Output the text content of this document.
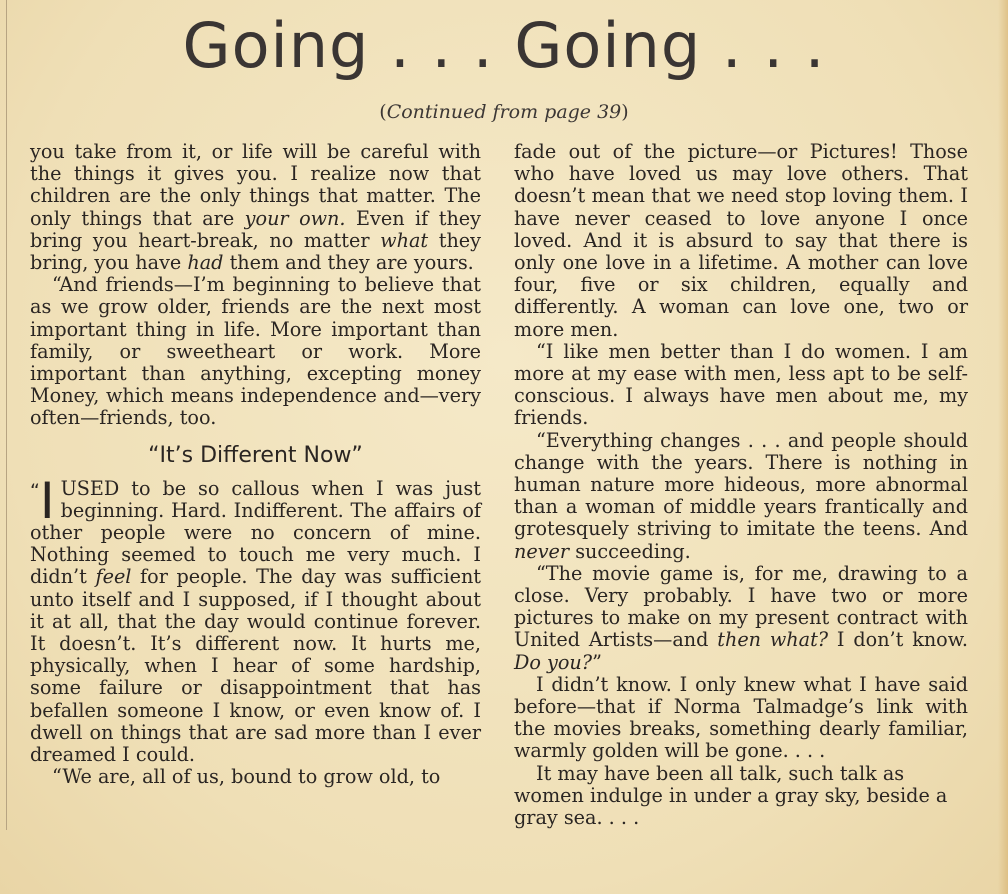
Going . . . Going . . .
(Continued from page 39)

you take from it, or life will be careful with the things it gives you. I realize now that children are the only things that matter. The only things that are your own. Even if they bring you heart-break, no matter what they bring, you have had them and they are yours.

“And friends—I’m beginning to believe that as we grow older, friends are the next most important thing in life. More important than family, or sweetheart or work. More important than anything, excepting money Money, which means independence and—very often—friends, too.

“It’s Different Now”

“I USED to be so callous when I was just beginning. Hard. Indifferent. The affairs of other people were no concern of mine. Nothing seemed to touch me very much. I didn’t feel for people. The day was sufficient unto itself and I supposed, if I thought about it at all, that the day would continue forever. It doesn’t. It’s different now. It hurts me, physically, when I hear of some hardship, some failure or disappointment that has befallen someone I know, or even know of. I dwell on things that are sad more than I ever dreamed I could.

“We are, all of us, bound to grow old, to

fade out of the picture—or Pictures! Those who have loved us may love others. That doesn’t mean that we need stop loving them. I have never ceased to love anyone I once loved. And it is absurd to say that there is only one love in a lifetime. A mother can love four, five or six children, equally and differently. A woman can love one, two or more men.

“I like men better than I do women. I am more at my ease with men, less apt to be self-conscious. I always have men about me, my friends.

“Everything changes . . . and people should change with the years. There is nothing in human nature more hideous, more abnormal than a woman of middle years frantically and grotesquely striving to imitate the teens. And never succeeding.

“The movie game is, for me, drawing to a close. Very probably. I have two or more pictures to make on my present contract with United Artists—and then what? I don’t know. Do you?”

I didn’t know. I only knew what I have said before—that if Norma Talmadge’s link with the movies breaks, something dearly familiar, warmly golden will be gone. . . .

It may have been all talk, such talk as women indulge in under a gray sky, beside a gray sea. . . .
